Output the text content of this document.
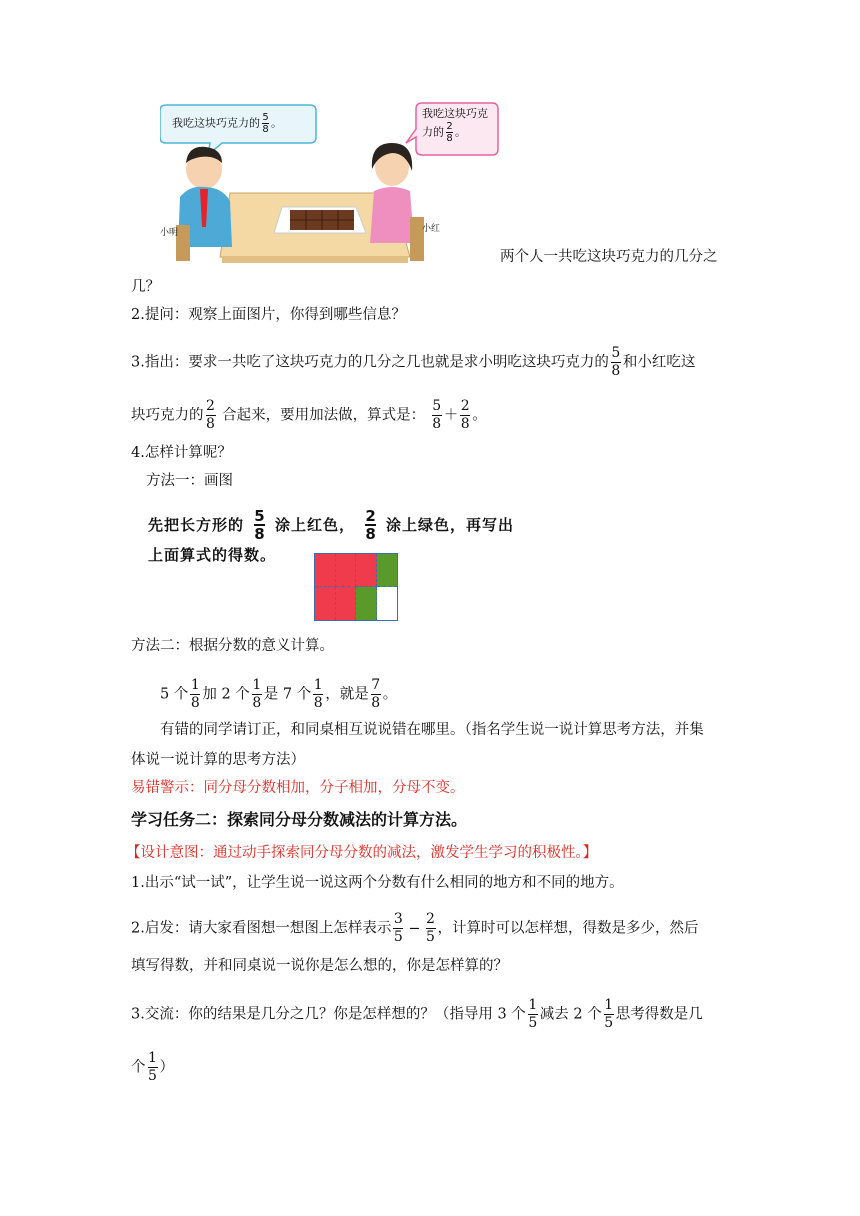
我吃这块巧克力的 $\frac{5}{8}$ 。
我吃这块巧克
力的 $\frac{2}{8}$ 。
小明	小红
两个人一共吃这块巧克力的几分之
几？
2.提问：观察上面图片，你得到哪些信息？
3.指出：要求一共吃了这块巧克力的几分之几也就是求小明吃这块巧克力的 $\frac{5}{8}$ 和小红吃这
块巧克力的 $\frac{2}{8}$ 合起来，要用加法做，算式是： $\frac{5}{8} + \frac{2}{8}$ 。
4.怎样计算呢？
方法一：画图
先把长方形的 $\frac{5}{8}$ 涂上红色， $\frac{2}{8}$ 涂上绿色，再写出
上面算式的得数。
方法二：根据分数的意义计算。
5 个 $\frac{1}{8}$ 加 2 个 $\frac{1}{8}$ 是 7 个 $\frac{1}{8}$ ，就是 $\frac{7}{8}$ 。
有错的同学请订正，和同桌相互说说错在哪里。（指名学生说一说计算思考方法，并集
体说一说计算的思考方法）
易错警示：同分母分数相加，分子相加，分母不变。
学习任务二：探索同分母分数减法的计算方法。
【设计意图：通过动手探索同分母分数的减法，激发学生学习的积极性。】
1.出示“试一试”，让学生说一说这两个分数有什么相同的地方和不同的地方。
2.启发：请大家看图想一想图上怎样表示 $\frac{3}{5} - \frac{2}{5}$ ，计算时可以怎样想，得数是多少，然后
填写得数，并和同桌说一说你是怎么想的，你是怎样算的？
3.交流：你的结果是几分之几？你是怎样想的？（指导用 3 个 $\frac{1}{5}$ 减去 2 个 $\frac{1}{5}$ 思考得数是几
个 $\frac{1}{5}$ ）
